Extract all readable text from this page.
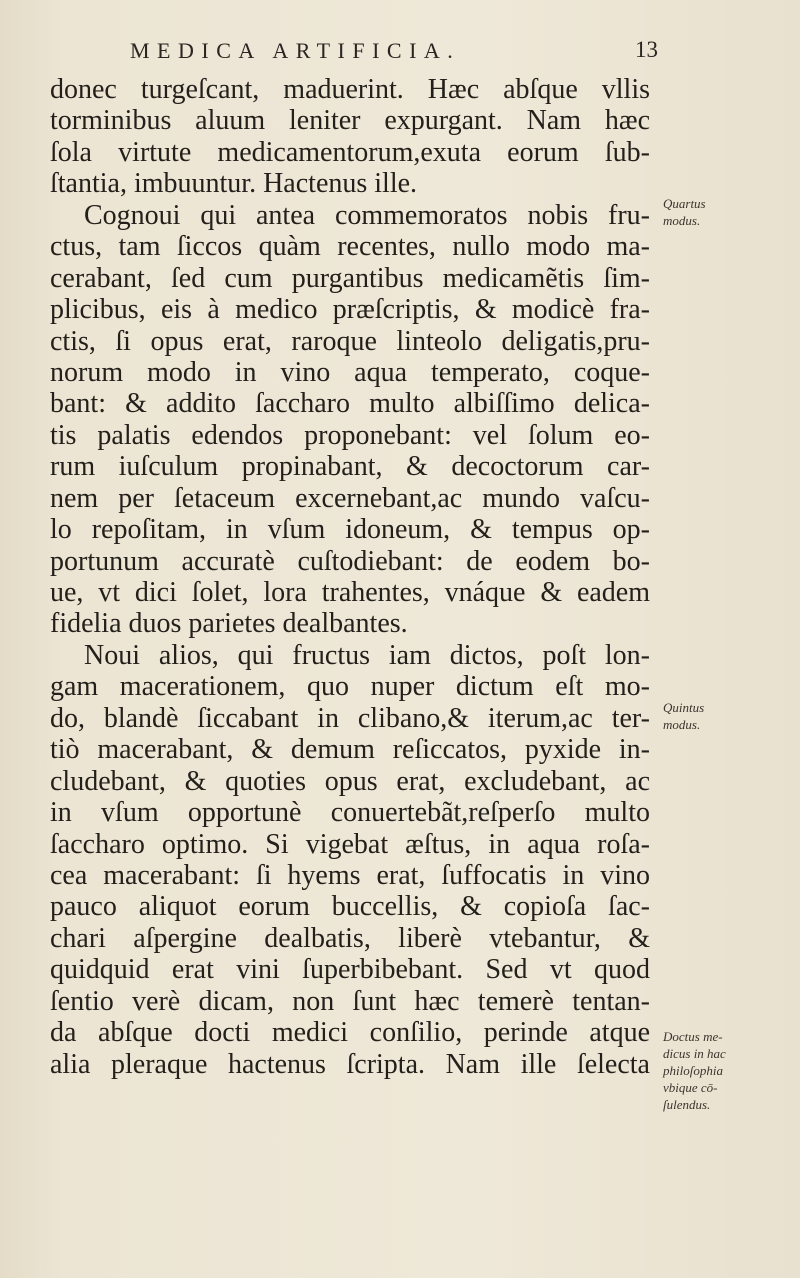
MEDICA ARTIFICIA.	13
donec turgeſcant, maduerint. Hæc abſque vllis
torminibus aluum leniter expurgant. Nam hæc
ſola virtute medicamentorum,exuta eorum ſub-
ſtantia, imbuuntur. Hactenus ille.
Cognoui qui antea commemoratos nobis fru-
ctus, tam ſiccos quàm recentes, nullo modo ma-
cerabant, ſed cum purgantibus medicamẽtis ſim-
plicibus, eis à medico præſcriptis, & modicè fra-
ctis, ſi opus erat, raroque linteolo deligatis,pru-
norum modo in vino aqua temperato, coque-
bant: & addito ſaccharo multo albiſſimo delica-
tis palatis edendos proponebant: vel ſolum eo-
rum iuſculum propinabant, & decoctorum car-
nem per ſetaceum excernebant,ac mundo vaſcu-
lo repoſitam, in vſum idoneum, & tempus op-
portunum accuratè cuſtodiebant: de eodem bo-
ue, vt dici ſolet, lora trahentes, vnáque & eadem
fidelia duos parietes dealbantes.
Noui alios, qui fructus iam dictos, poſt lon-
gam macerationem, quo nuper dictum eſt mo-
do, blandè ſiccabant in clibano,& iterum,ac ter-
tiò macerabant, & demum reſiccatos, pyxide in-
cludebant, & quoties opus erat, excludebant, ac
in vſum opportunè conuertebãt,reſperſo multo
ſaccharo optimo. Si vigebat æſtus, in aqua roſa-
cea macerabant: ſi hyems erat, ſuffocatis in vino
pauco aliquot eorum buccellis, & copioſa ſac-
chari aſpergine dealbatis, liberè vtebantur, &
quidquid erat vini ſuperbibebant. Sed vt quod
ſentio verè dicam, non ſunt hæc temerè tentan-
da abſque docti medici conſilio, perinde atque
alia pleraque hactenus ſcripta. Nam ille ſelecta
Quartus
modus.
Quintus
modus.
Doctus me-
dicus in hac
philoſophia
vbique cō-
ſulendus.
